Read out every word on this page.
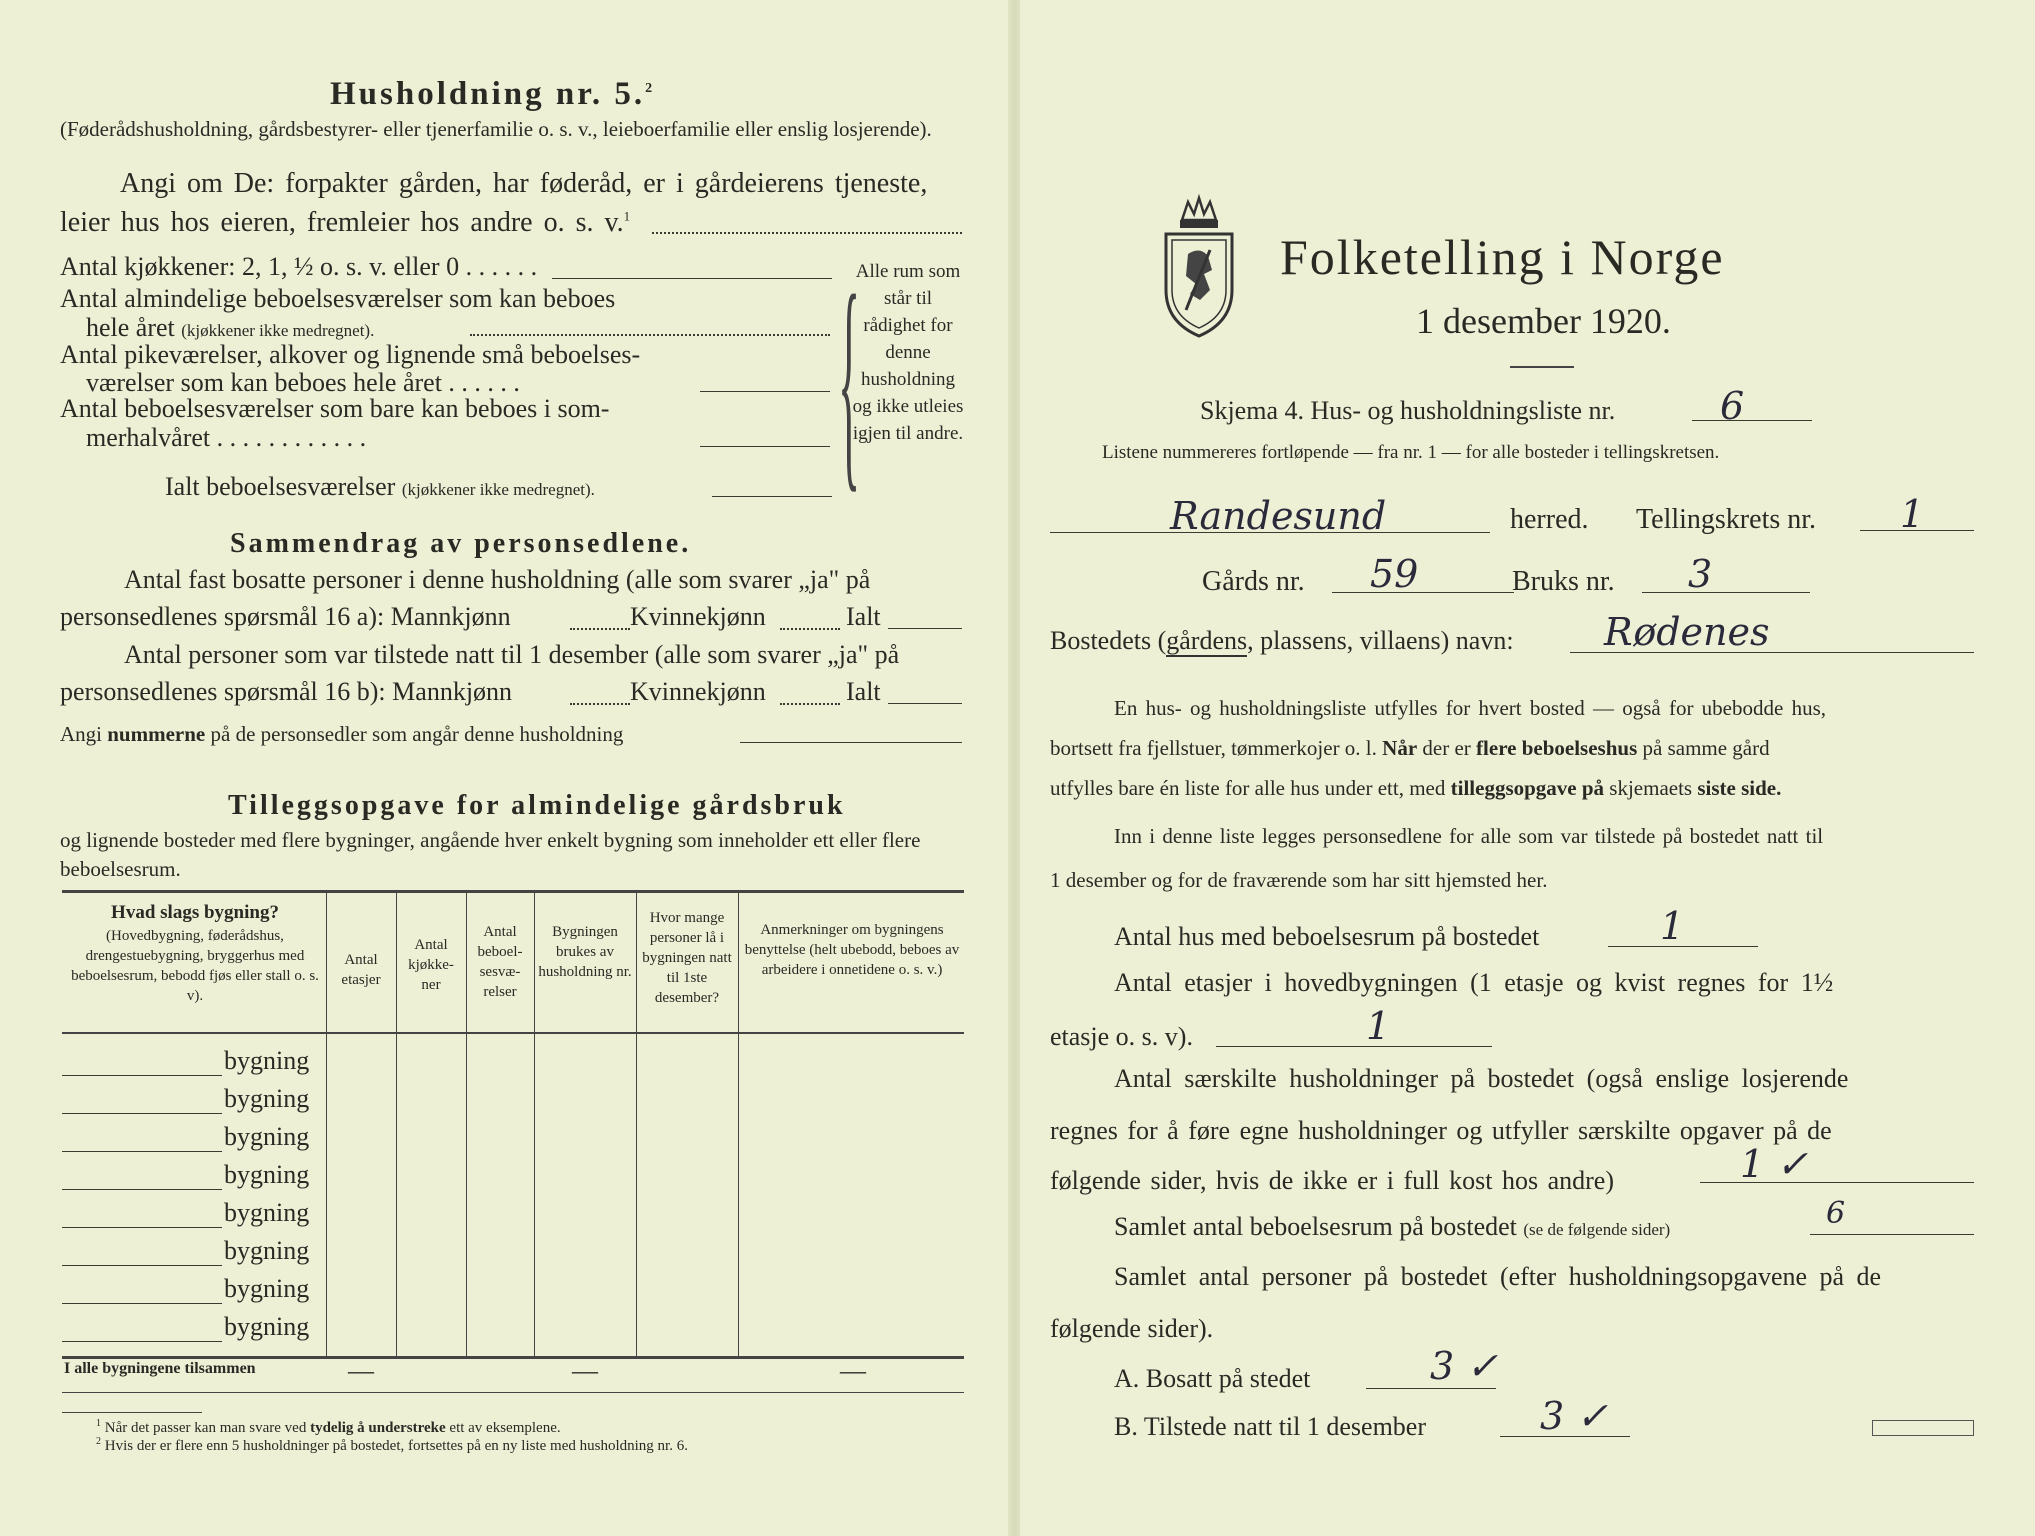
Husholdning nr. 5.$^2$
(Føderådshusholdning, gårdsbestyrer- eller tjenerfamilie o. s. v., leieboerfamilie eller enslig losjerende).
Angi om De: forpakter gården, har føderåd, er i gårdeierens tjeneste,
leier hus hos eieren, fremleier hos andre o. s. v.$^1$
Antal kjøkkener: 2, 1, ½ o. s. v. eller 0 . . . . . .
Antal almindelige beboelsesværelser som kan beboes
hele året (kjøkkener ikke medregnet).
Antal pikeværelser, alkover og lignende små beboelses-
værelser som kan beboes hele året . . . . . .
Antal beboelsesværelser som bare kan beboes i som-
merhalvåret . . . . . . . . . . . .
Ialt beboelsesværelser (kjøkkener ikke medregnet).	{
Alle rum som står til rådighet for denne husholdning og ikke utleies igjen til andre.
Sammendrag av personsedlene.
Antal fast bosatte personer i denne husholdning (alle som svarer „ja" på
personsedlenes spørsmål 16 a): Mannkjønn	Kvinnekjønn	Ialt
Antal personer som var tilstede natt til 1 desember (alle som svarer „ja" på
personsedlenes spørsmål 16 b): Mannkjønn	Kvinnekjønn	Ialt
Angi nummerne på de personsedler som angår denne husholdning
Tilleggsopgave for almindelige gårdsbruk
og lignende bosteder med flere bygninger, angående hver enkelt bygning som inneholder ett eller flere beboelsesrum.
Hvad slags bygning?
(Hovedbygning, føderådshus, drengestuebygning, bryggerhus med beboelsesrum, bebodd fjøs eller stall o. s. v).
Antal etasjer
Antal kjøkke- ner
Antal beboel- sesvæ- relser
Bygningen brukes av husholdning nr.
Hvor mange personer lå i bygningen natt til 1ste desember?
Anmerkninger om bygningens benyttelse (helt ubebodd, beboes av arbeidere i onnetidene o. s. v.)
bygning
bygning
bygning
bygning
bygning
bygning
bygning
bygning
I alle bygningene tilsammen	—	—	—
$^1$ Når det passer kan man svare ved tydelig å understreke ett av eksemplene.
$^2$ Hvis der er flere enn 5 husholdninger på bostedet, fortsettes på en ny liste med husholdning nr. 6.
Folketelling i Norge
1 desember 1920.
Skjema 4. Hus- og husholdningsliste nr.	6
Listene nummereres fortløpende — fra nr. 1 — for alle bosteder i tellingskretsen.
Randesund	herred. Tellingskrets nr. 1
Gårds nr. 59	Bruks nr. 3
Bostedets (gårdens, plassens, villaens) navn: Rødenes
En hus- og husholdningsliste utfylles for hvert bosted — også for ubebodde hus,
bortsett fra fjellstuer, tømmerkojer o. l. Når der er flere beboelseshus på samme gård
utfylles bare én liste for alle hus under ett, med tilleggsopgave på skjemaets siste side.
Inn i denne liste legges personsedlene for alle som var tilstede på bostedet natt til
1 desember og for de fraværende som har sitt hjemsted her.
Antal hus med beboelsesrum på bostedet	1
Antal etasjer i hovedbygningen (1 etasje og kvist regnes for 1½
etasje o. s. v).	1
Antal særskilte husholdninger på bostedet (også enslige losjerende
regnes for å føre egne husholdninger og utfyller særskilte opgaver på de
følgende sider, hvis de ikke er i full kost hos andre)	1 ✓
Samlet antal beboelsesrum på bostedet (se de følgende sider)	6
Samlet antal personer på bostedet (efter husholdningsopgavene på de
følgende sider).
A. Bosatt på stedet	3 ✓
B. Tilstede natt til 1 desember	3 ✓
